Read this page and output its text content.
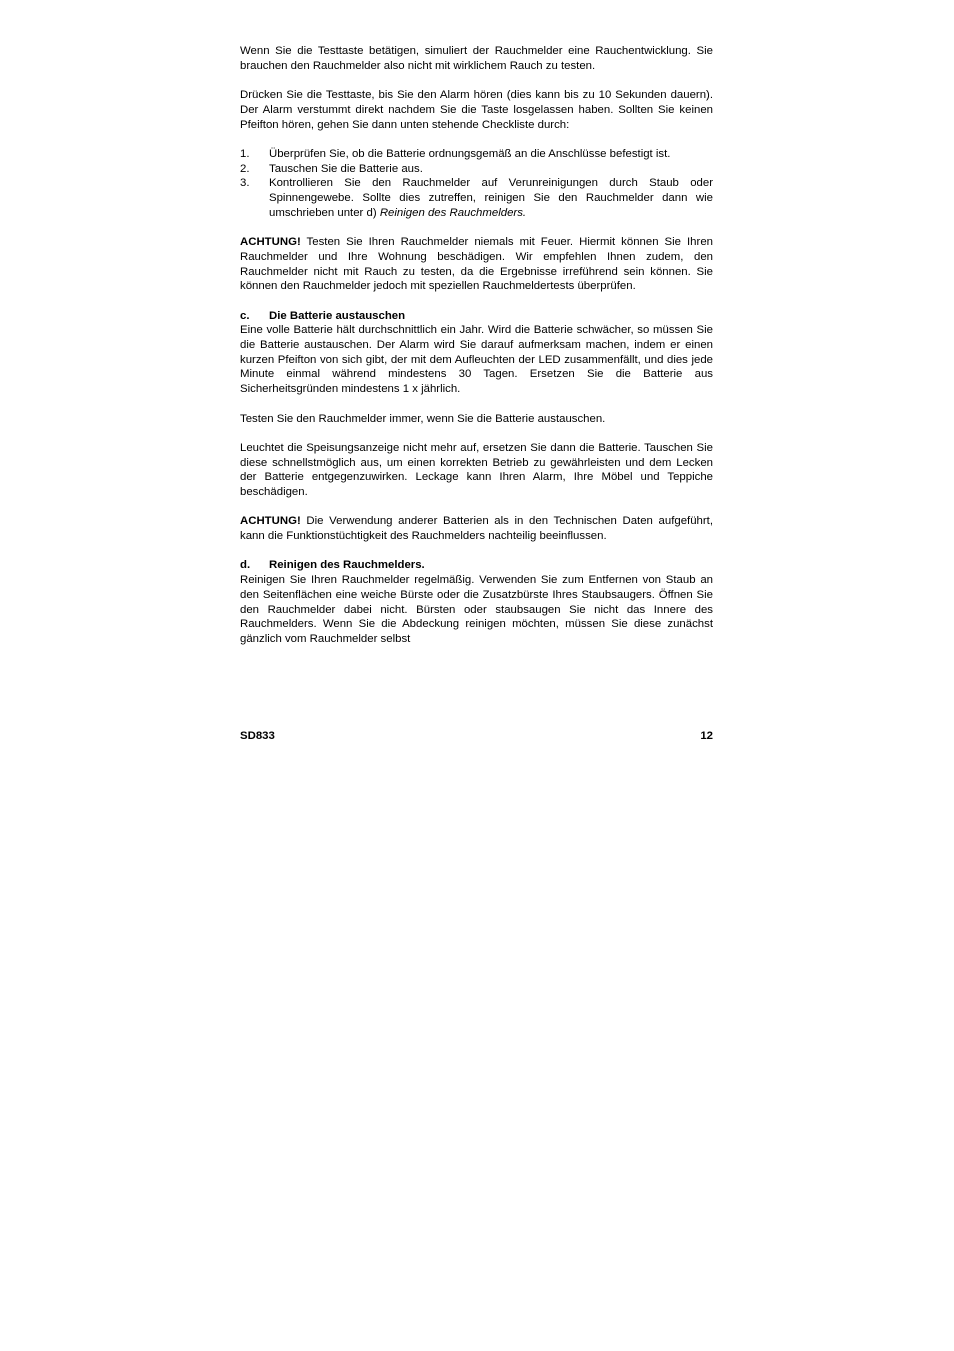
Wenn Sie die Testtaste betätigen, simuliert der Rauchmelder eine Rauchentwicklung. Sie brauchen den Rauchmelder also nicht mit wirklichem Rauch zu testen.

Drücken Sie die Testtaste, bis Sie den Alarm hören (dies kann bis zu 10 Sekunden dauern). Der Alarm verstummt direkt nachdem Sie die Taste losgelassen haben. Sollten Sie keinen Pfeifton hören, gehen Sie dann unten stehende Checkliste durch:

1.	Überprüfen Sie, ob die Batterie ordnungsgemäß an die Anschlüsse befestigt ist.
2.	Tauschen Sie die Batterie aus.
3.	Kontrollieren Sie den Rauchmelder auf Verunreinigungen durch Staub oder Spinnengewebe. Sollte dies zutreffen, reinigen Sie den Rauchmelder dann wie umschrieben unter d) Reinigen des Rauchmelders.

ACHTUNG! Testen Sie Ihren Rauchmelder niemals mit Feuer. Hiermit können Sie Ihren Rauchmelder und Ihre Wohnung beschädigen. Wir empfehlen Ihnen zudem, den Rauchmelder nicht mit Rauch zu testen, da die Ergebnisse irreführend sein können. Sie können den Rauchmelder jedoch mit speziellen Rauchmeldertests überprüfen.

c.	Die Batterie austauschen

Eine volle Batterie hält durchschnittlich ein Jahr. Wird die Batterie schwächer, so müssen Sie die Batterie austauschen. Der Alarm wird Sie darauf aufmerksam machen, indem er einen kurzen Pfeifton von sich gibt, der mit dem Aufleuchten der LED zusammenfällt, und dies jede Minute einmal während mindestens 30 Tagen. Ersetzen Sie die Batterie aus Sicherheitsgründen mindestens 1 x jährlich.

Testen Sie den Rauchmelder immer, wenn Sie die Batterie austauschen.

Leuchtet die Speisungsanzeige nicht mehr auf, ersetzen Sie dann die Batterie. Tauschen Sie diese schnellstmöglich aus, um einen korrekten Betrieb zu gewährleisten und dem Lecken der Batterie entgegenzuwirken. Leckage kann Ihren Alarm, Ihre Möbel und Teppiche beschädigen.

ACHTUNG! Die Verwendung anderer Batterien als in den Technischen Daten aufgeführt, kann die Funktionstüchtigkeit des Rauchmelders nachteilig beeinflussen.

d.	Reinigen des Rauchmelders.

Reinigen Sie Ihren Rauchmelder regelmäßig. Verwenden Sie zum Entfernen von Staub an den Seitenflächen eine weiche Bürste oder die Zusatzbürste Ihres Staubsaugers. Öffnen Sie den Rauchmelder dabei nicht. Bürsten oder staubsaugen Sie nicht das Innere des Rauchmelders. Wenn Sie die Abdeckung reinigen möchten, müssen Sie diese zunächst gänzlich vom Rauchmelder selbst

SD833	12
